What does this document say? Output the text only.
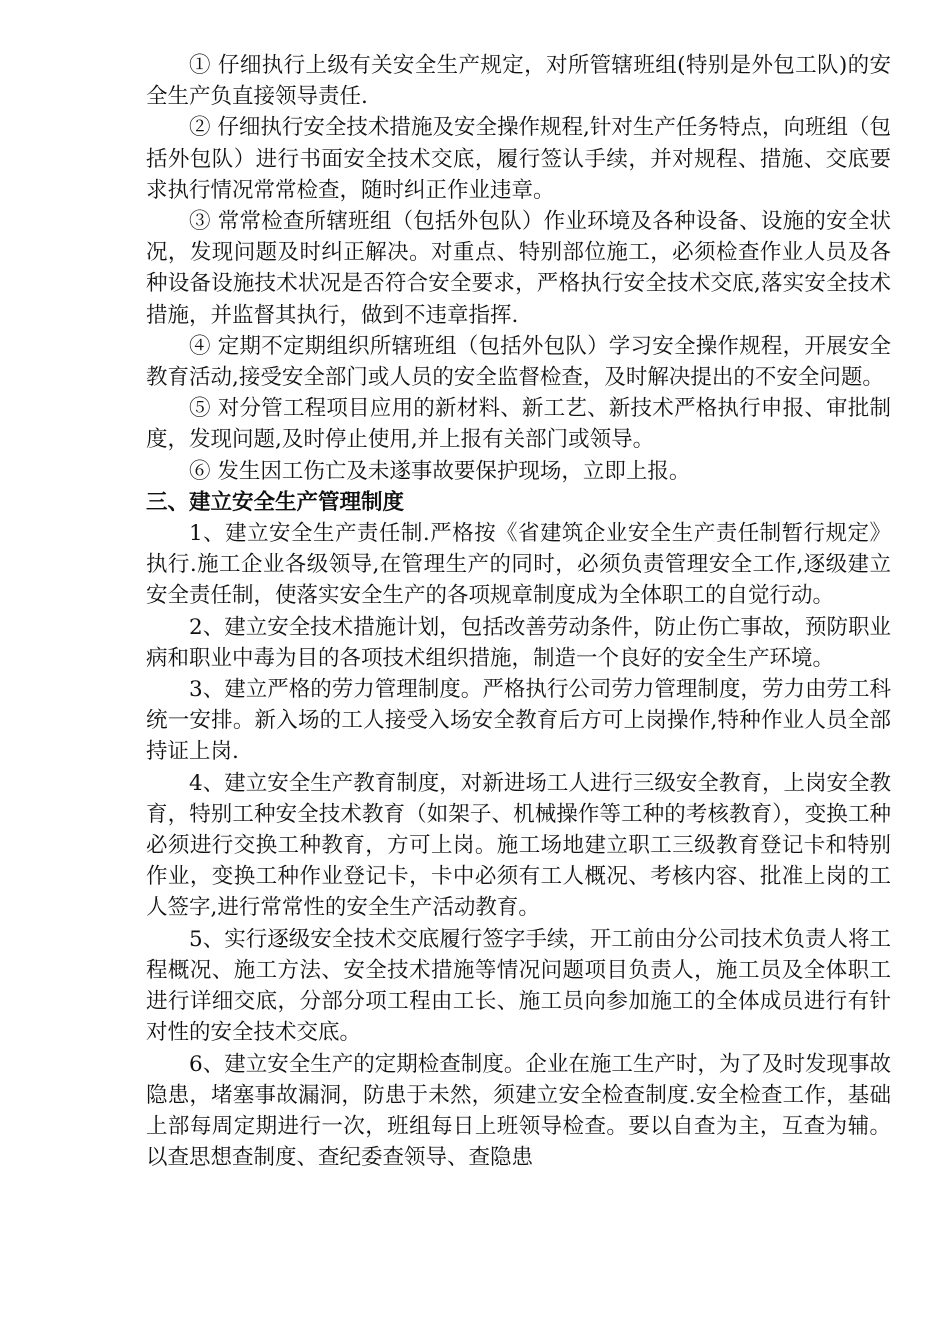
① 仔细执行上级有关安全生产规定，对所管辖班组(特别是外包工队)的安全生产负直接领导责任.

② 仔细执行安全技术措施及安全操作规程,针对生产任务特点，向班组（包括外包队）进行书面安全技术交底，履行签认手续，并对规程、措施、交底要求执行情况常常检查，随时纠正作业违章。

③ 常常检查所辖班组（包括外包队）作业环境及各种设备、设施的安全状况，发现问题及时纠正解决。对重点、特别部位施工，必须检查作业人员及各种设备设施技术状况是否符合安全要求，严格执行安全技术交底,落实安全技术措施，并监督其执行，做到不违章指挥.

④ 定期不定期组织所辖班组（包括外包队）学习安全操作规程，开展安全教育活动,接受安全部门或人员的安全监督检查，及时解决提出的不安全问题。

⑤ 对分管工程项目应用的新材料、新工艺、新技术严格执行申报、审批制度，发现问题,及时停止使用,并上报有关部门或领导。

⑥ 发生因工伤亡及未遂事故要保护现场，立即上报。

三、建立安全生产管理制度

1、建立安全生产责任制.严格按《省建筑企业安全生产责任制暂行规定》执行.施工企业各级领导,在管理生产的同时，必须负责管理安全工作,逐级建立安全责任制，使落实安全生产的各项规章制度成为全体职工的自觉行动。

2、建立安全技术措施计划，包括改善劳动条件，防止伤亡事故，预防职业病和职业中毒为目的各项技术组织措施，制造一个良好的安全生产环境。

3、建立严格的劳力管理制度。严格执行公司劳力管理制度，劳力由劳工科统一安排。新入场的工人接受入场安全教育后方可上岗操作,特种作业人员全部持证上岗.

4、建立安全生产教育制度，对新进场工人进行三级安全教育，上岗安全教育，特别工种安全技术教育（如架子、机械操作等工种的考核教育），变换工种必须进行交换工种教育，方可上岗。施工场地建立职工三级教育登记卡和特别作业，变换工种作业登记卡，卡中必须有工人概况、考核内容、批准上岗的工人签字,进行常常性的安全生产活动教育。

5、实行逐级安全技术交底履行签字手续，开工前由分公司技术负责人将工程概况、施工方法、安全技术措施等情况问题项目负责人，施工员及全体职工进行详细交底，分部分项工程由工长、施工员向参加施工的全体成员进行有针对性的安全技术交底。

6、建立安全生产的定期检查制度。企业在施工生产时，为了及时发现事故隐患，堵塞事故漏洞，防患于未然，须建立安全检查制度.安全检查工作，基础上部每周定期进行一次，班组每日上班领导检查。要以自查为主，互查为辅。以查思想查制度、查纪委查领导、查隐患
